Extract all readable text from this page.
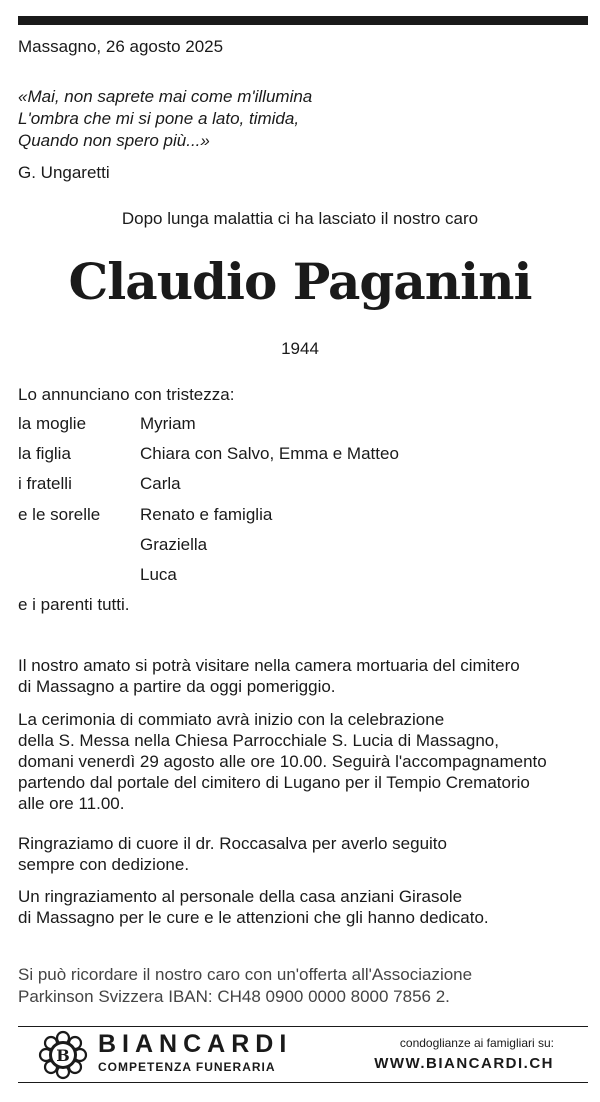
Massagno, 26 agosto 2025
«Mai, non saprete mai come m'illumina
L'ombra che mi si pone a lato, timida,
Quando non spero più...»
G. Ungaretti
Dopo lunga malattia ci ha lasciato il nostro caro
Claudio Paganini
1944
Lo annunciano con tristezza:
la moglie	Myriam
la figlia	Chiara con Salvo, Emma e Matteo
i fratelli	Carla
e le sorelle Renato e famiglia
Graziella
Luca
e i parenti tutti.
Il nostro amato si potrà visitare nella camera mortuaria del cimitero
di Massagno a partire da oggi pomeriggio.
La cerimonia di commiato avrà inizio con la celebrazione
della S. Messa nella Chiesa Parrocchiale S. Lucia di Massagno,
domani venerdì 29 agosto alle ore 10.00. Seguirà l'accompagnamento
partendo dal portale del cimitero di Lugano per il Tempio Crematorio
alle ore 11.00.
Ringraziamo di cuore il dr. Roccasalva per averlo seguito
sempre con dedizione.
Un ringraziamento al personale della casa anziani Girasole
di Massagno per le cure e le attenzioni che gli hanno dedicato.
Si può ricordare il nostro caro con un'offerta all'Associazione
Parkinson Svizzera IBAN: CH48 0900 0000 8000 7856 2.
B BIANCARDI
COMPETENZA FUNERARIA
condoglianze ai famigliari su:
WWW.BIANCARDI.CH
